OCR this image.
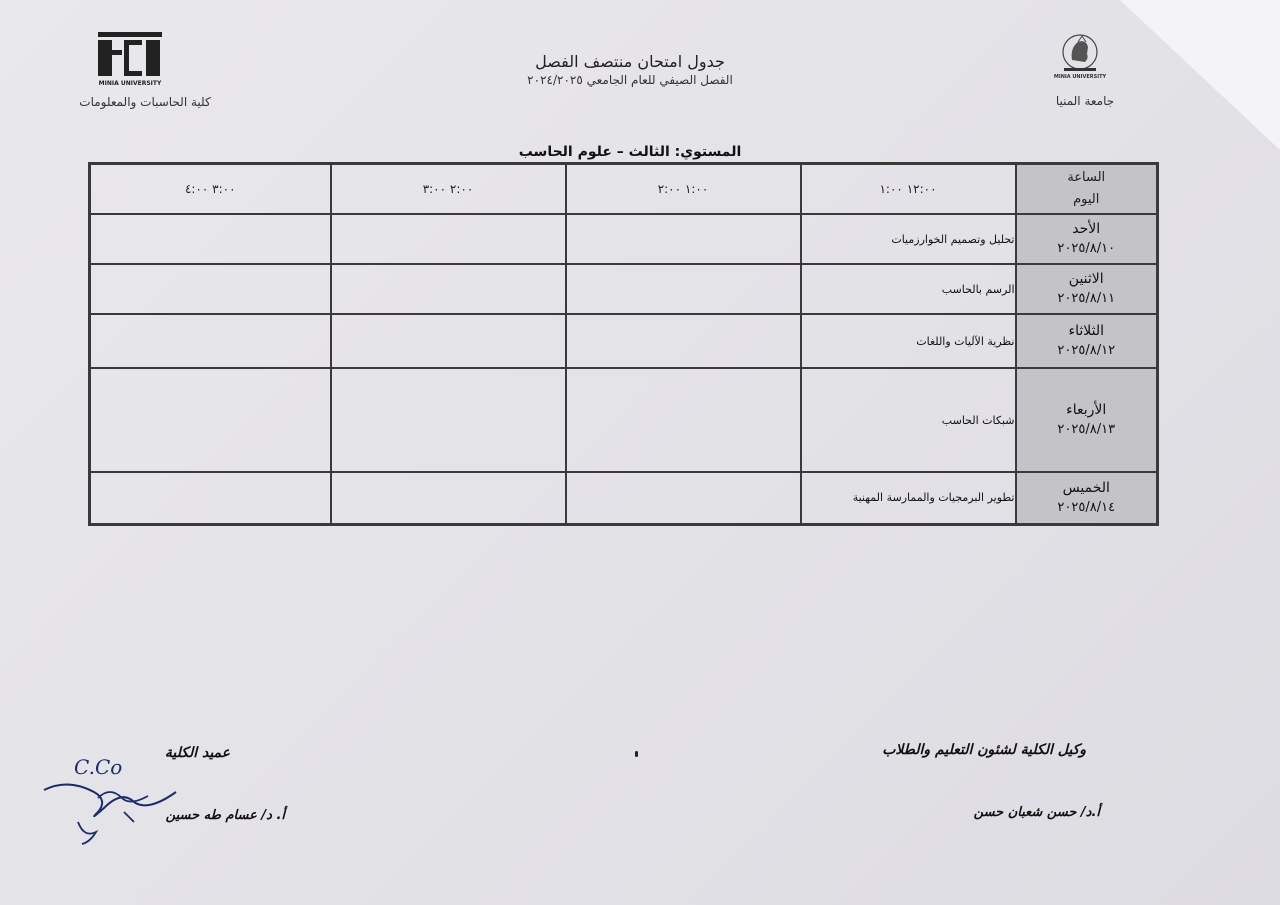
MINIA UNIVERSITY
جامعة المنيا
MINIA UNIVERSITY
FCI
كلية الحاسبات والمعلومات
جدول امتحان منتصف الفصل
الفصل الصيفي للعام الجامعي ٢٠٢٤/٢٠٢٥
المستوي: الثالث – علوم الحاسب
الساعة
اليوم	١٢:٠٠ ١:٠٠	١:٠٠ ٢:٠٠	٢:٠٠ ٣:٠٠	٣:٠٠ ٤:٠٠

الأحد
٢٠٢٥/٨/١٠	تحليل وتصميم الخوارزميات			

الاثنين
٢٠٢٥/٨/١١	الرسم بالحاسب			

الثلاثاء
٢٠٢٥/٨/١٢	نظرية الآليات واللغات			

الأربعاء
٢٠٢٥/٨/١٣	شبكات الحاسب			

الخميس
٢٠٢٥/٨/١٤	تطوير البرمجيات والممارسة المهنية			
وكيل الكلية لشئون التعليم والطلاب
أ.د/ حسن شعبان حسن
عميد الكلية
أ. د/ عسام طه حسين
C.Co
